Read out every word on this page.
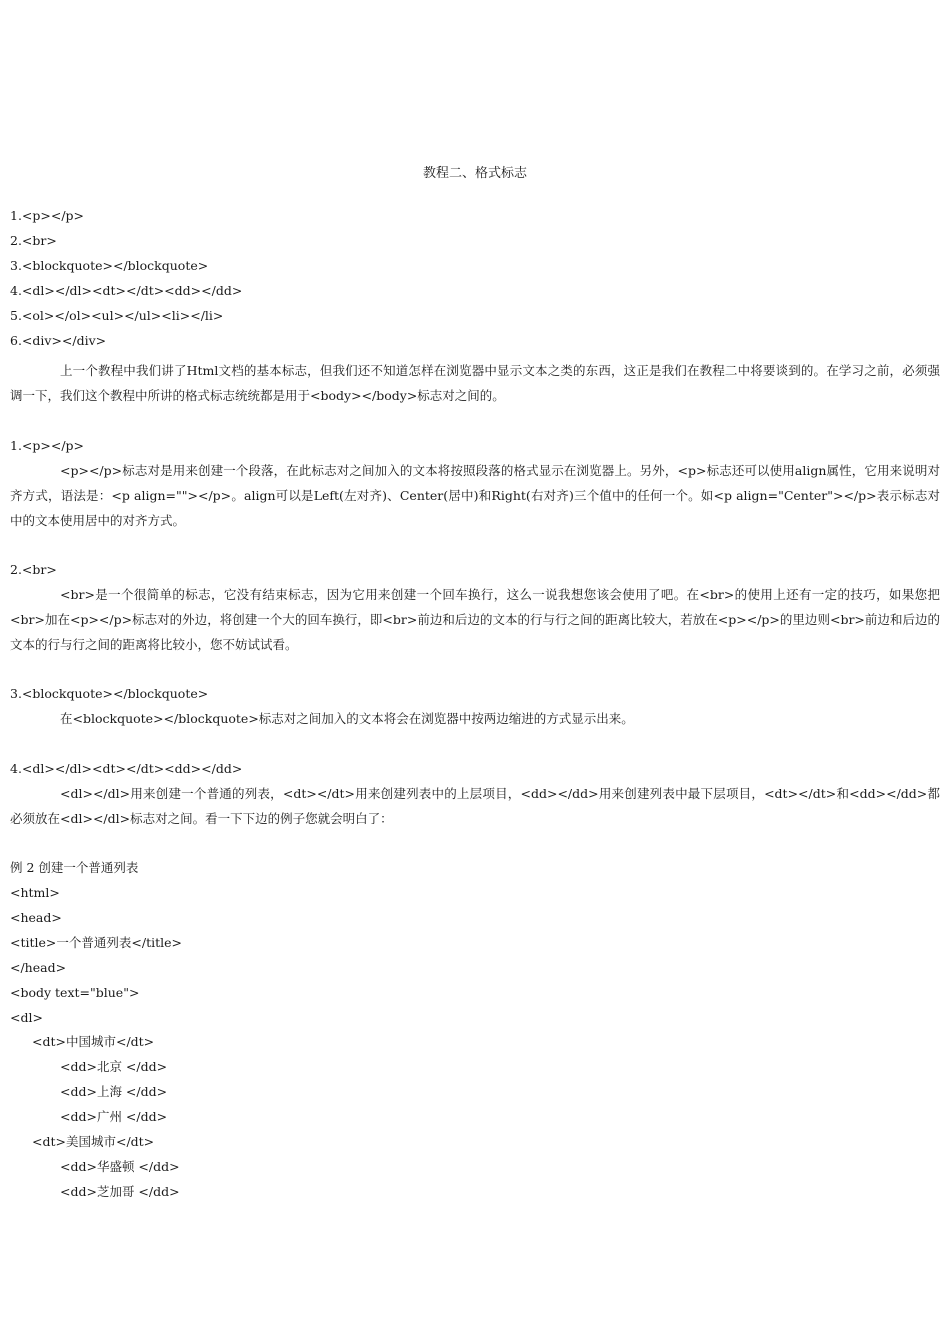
教程二、格式标志
1.<p></p>
2.<br>
3.<blockquote></blockquote>
4.<dl></dl><dt></dt><dd></dd>
5.<ol></ol><ul></ul><li></li>
6.<div></div>

上一个教程中我们讲了Html文档的基本标志，但我们还不知道怎样在浏览器中显示文本之类的东西，这正是我们在教程二中将要谈到的。在学习之前，必须强调一下，我们这个教程中所讲的格式标志统统都是用于<body></body>标志对之间的。

1.<p></p>

<p></p>标志对是用来创建一个段落，在此标志对之间加入的文本将按照段落的格式显示在浏览器上。另外，<p>标志还可以使用align属性，它用来说明对齐方式，语法是：<p align=""></p>。align可以是Left(左对齐)、Center(居中)和Right(右对齐)三个值中的任何一个。如<p align="Center"></p>表示标志对中的文本使用居中的对齐方式。

2.<br>

<br>是一个很简单的标志，它没有结束标志，因为它用来创建一个回车换行，这么一说我想您该会使用了吧。在<br>的使用上还有一定的技巧，如果您把<br>加在<p></p>标志对的外边，将创建一个大的回车换行，即<br>前边和后边的文本的行与行之间的距离比较大，若放在<p></p>的里边则<br>前边和后边的文本的行与行之间的距离将比较小，您不妨试试看。

3.<blockquote></blockquote>

在<blockquote></blockquote>标志对之间加入的文本将会在浏览器中按两边缩进的方式显示出来。

4.<dl></dl><dt></dt><dd></dd>

<dl></dl>用来创建一个普通的列表，<dt></dt>用来创建列表中的上层项目，<dd></dd>用来创建列表中最下层项目，<dt></dt>和<dd></dd>都必须放在<dl></dl>标志对之间。看一下下边的例子您就会明白了：

例 2 创建一个普通列表
<html>
<head>
<title>一个普通列表</title>
</head>
<body text="blue">
<dl>
<dt>中国城市</dt>
<dd>北京 </dd>
<dd>上海 </dd>
<dd>广州 </dd>
<dt>美国城市</dt>
<dd>华盛顿 </dd>
<dd>芝加哥 </dd>
